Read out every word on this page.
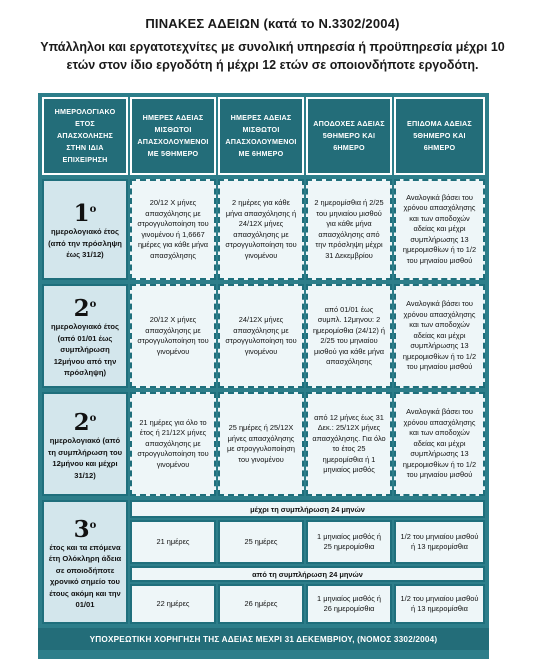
ΠΙΝΑΚΕΣ ΑΔΕΙΩΝ (κατά το Ν.3302/2004)
Υπάλληλοι και εργατοτεχνίτες με συνολική υπηρεσία ή προϋπηρεσία μέχρι 10 ετών στον ίδιο εργοδότη ή μέχρι 12 ετών σε οποιονδήποτε εργοδότη.
ΗΜΕΡΟΛΟΓΙΑΚΟ ΕΤΟΣ ΑΠΑΣΧΟΛΗΣΗΣ ΣΤΗΝ ΙΔΙΑ ΕΠΙΧΕΙΡΗΣΗ
ΗΜΕΡΕΣ ΑΔΕΙΑΣ ΜΙΣΘΩΤΟΙ ΑΠΑΣΧΟΛΟΥΜΕΝΟΙ ΜΕ 5ΘΗΜΕΡΟ
ΗΜΕΡΕΣ ΑΔΕΙΑΣ ΜΙΣΘΩΤΟΙ ΑΠΑΣΧΟΛΟΥΜΕΝΟΙ ΜΕ 6ΗΜΕΡΟ
ΑΠΟΔΟΧΕΣ ΑΔΕΙΑΣ 5ΘΗΜΕΡΟ ΚΑΙ 6ΗΜΕΡΟ
ΕΠΙΔΟΜΑ ΑΔΕΙΑΣ 5ΘΗΜΕΡΟ ΚΑΙ 6ΗΜΕΡΟ
$1^o$
ημερολογιακό έτος (από την πρόσληψη έως 31/12)
20/12 Χ μήνες απασχόλησης με στρογγυλοποίηση του γινομένου ή 1,6667 ημέρες για κάθε μήνα απασχόλησης
2 ημέρες για κάθε μήνα απασχόλησης ή 24/12Χ μήνες απασχόλησης με στρογγυλοποίηση του γινομένου
2 ημερομίσθια ή 2/25 του μηνιαίου μισθού για κάθε μήνα απασχόλησης από την πρόσληψη μέχρι 31 Δεκεμβρίου
Αναλογικά βάσει του χρόνου απασχόλησης και των αποδοχών αδείας και μέχρι συμπλήρωσης 13 ημερομισθίων ή το 1/2 του μηνιαίου μισθού
$2^o$
ημερολογιακό έτος (από 01/01 έως συμπλήρωση 12μήνου από την πρόσληψη)
20/12 Χ μήνες απασχόλησης με στρογγυλοποίηση του γινομένου
24/12Χ μήνες απασχόλησης με στρογγυλοποίηση του γινομένου
από 01/01 έως συμπλ. 12μηνου: 2 ημερομίσθια (24/12) ή 2/25 του μηνιαίου μισθού για κάθε μήνα απασχόλησης
Αναλογικά βάσει του χρόνου απασχόλησης και των αποδοχών αδείας και μέχρι συμπλήρωσης 13 ημερομισθίων ή το 1/2 του μηνιαίου μισθού
$2^o$
ημερολογιακό (από τη συμπλήρωση του 12μήνου και μέχρι 31/12)
21 ημέρες για όλο το έτος ή 21/12Χ μήνες απασχόλησης με στρογγυλοποίηση του γινομένου
25 ημέρες ή 25/12Χ μήνες απασχόλησης με στρογγυλοποίηση του γινομένου
από 12 μήνες έως 31 Δεκ.: 25/12Χ μήνες απασχόλησης. Για όλο το έτος 25 ημερομίσθια ή 1 μηνιαίος μισθός
Αναλογικά βάσει του χρόνου απασχόλησης και των αποδοχών αδείας και μέχρι συμπλήρωσης 13 ημερομισθίων ή το 1/2 του μηνιαίου μισθού
$3^o$
έτος και τα επόμενα έτη Ολόκληρη άδεια σε οποιοδήποτε χρονικό σημείο του έτους ακόμη και την 01/01
μέχρι τη συμπλήρωση 24 μηνών
21 ημέρες	25 ημέρες
1 μηνιαίος μισθός ή 25 ημερομίσθια
1/2 του μηνιαίου μισθού ή 13 ημερομίσθια
από τη συμπλήρωση 24 μηνών
22 ημέρες	26 ημέρες
1 μηνιαίος μισθός ή 26 ημερομίσθια
1/2 του μηνιαίου μισθού ή 13 ημερομίσθια
ΥΠΟΧΡΕΩΤΙΚΗ ΧΟΡΗΓΗΣΗ ΤΗΣ ΑΔΕΙΑΣ ΜΕΧΡΙ 31 ΔΕΚΕΜΒΡΙΟΥ, (ΝΟΜΟΣ 3302/2004)
